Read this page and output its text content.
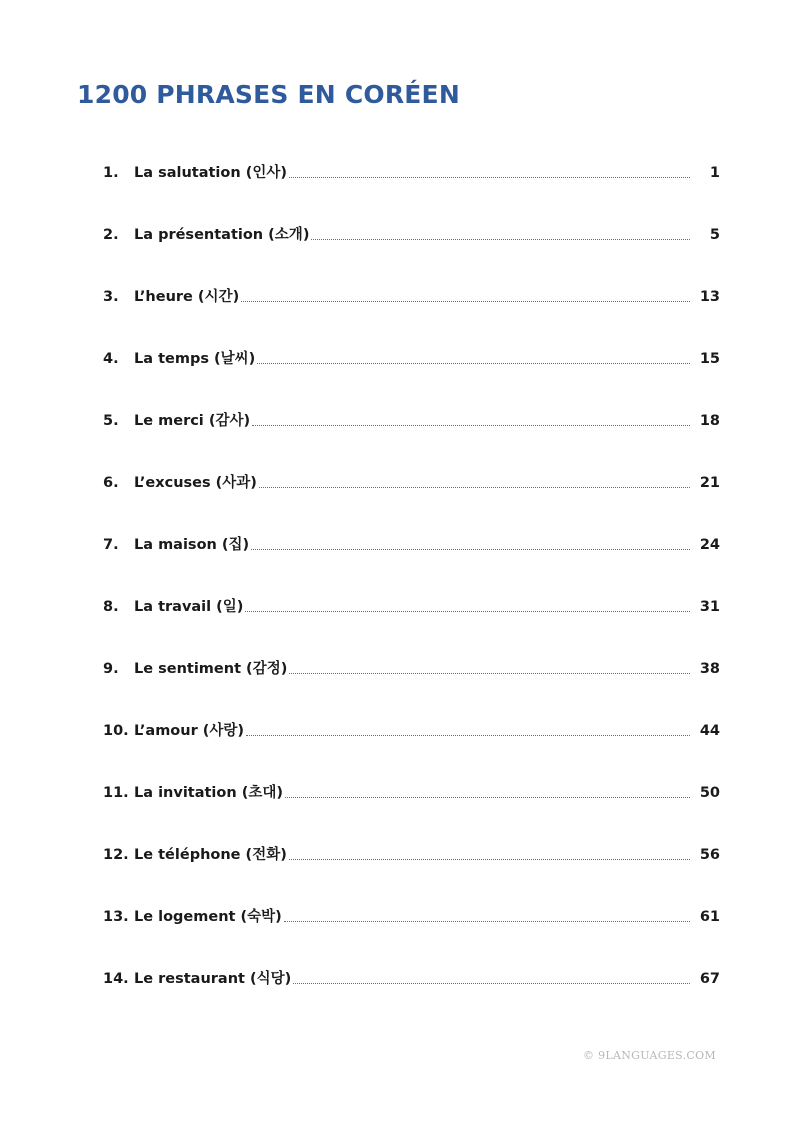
1200 PHRASES EN CORÉEN
1.	La salutation (인사)	1
2.	La présentation (소개)	5
3.	L’heure (시간)	13
4.	La temps (날씨)	15
5.	Le merci (감사)	18
6.	L’excuses (사과)	21
7.	La maison (집)	24
8.	La travail (일)	31
9.	Le sentiment (감정)	38
10. L’amour (사랑)	44
11. La invitation (초대)	50
12. Le téléphone (전화)	56
13. Le logement (숙박)	61
14. Le restaurant (식당)	67
© 9LANGUAGES.COM
